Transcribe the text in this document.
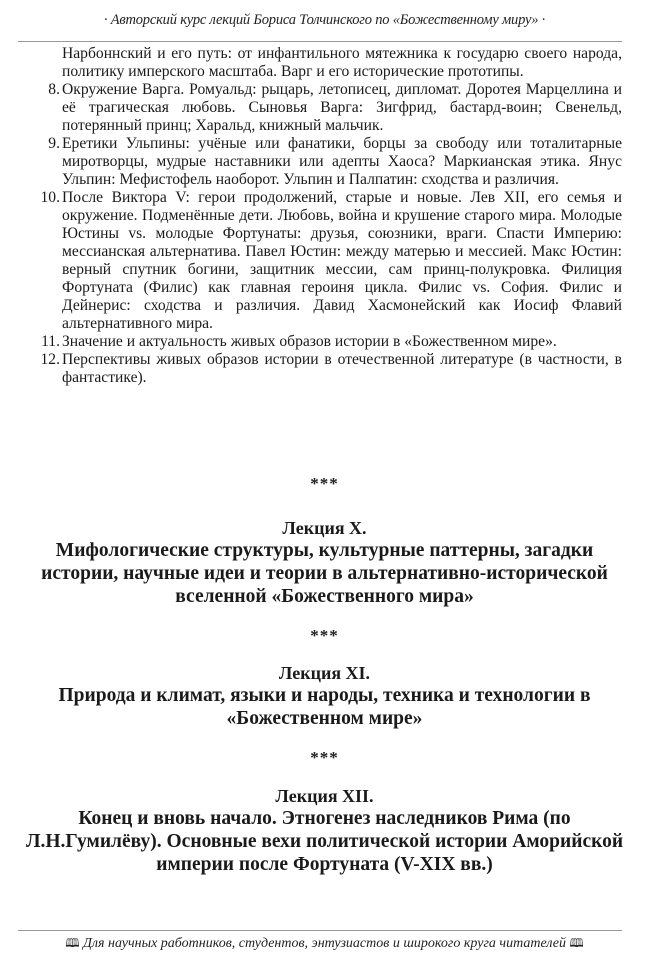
· Авторский курс лекций Бориса Толчинского по «Божественному миру» ·

Нарбоннский и его путь: от инфантильного мятежника к государю своего народа, политику имперского масштаба. Варг и его исторические прототипы.

8. Окружение Варга. Ромуальд: рыцарь, летописец, дипломат. Доротея Марцеллина и её трагическая любовь. Сыновья Варга: Зигфрид, бастард-воин; Свенельд, потерянный принц; Харальд, книжный мальчик.
9. Еретики Ульпины: учёные или фанатики, борцы за свободу или тоталитарные миротворцы, мудрые наставники или адепты Хаоса? Маркианская этика. Янус Ульпин: Мефистофель наоборот. Ульпин и Палпатин: сходства и различия.
10. После Виктора V: герои продолжений, старые и новые. Лев XII, его семья и окружение. Подменённые дети. Любовь, война и крушение старого мира. Молодые Юстины vs. молодые Фортунаты: друзья, союзники, враги. Спасти Империю: мессианская альтернатива. Павел Юстин: между матерью и мессией. Макс Юстин: верный спутник богини, защитник мессии, сам принц-полукровка. Филиция Фортуната (Филис) как главная героиня цикла. Филис vs. София. Филис и Дейнерис: сходства и различия. Давид Хасмонейский как Иосиф Флавий альтернативного мира.
11. Значение и актуальность живых образов истории в «Божественном мире».
12. Перспективы живых образов истории в отечественной литературе (в частности, в фантастике).
***
Лекция X.
Мифологические структуры, культурные паттерны, загадки истории, научные идеи и теории в альтернативно-исторической вселенной «Божественного мира»
***
Лекция XI.
Природа и климат, языки и народы, техника и технологии в «Божественном мире»
***
Лекция XII.
Конец и вновь начало. Этногенез наследников Рима (по Л.Н.Гумилёву). Основные вехи политической истории Аморийской империи после Фортуната (V-XIX вв.)
🕮 Для научных работников, студентов, энтузиастов и широкого круга читателей 🕮
